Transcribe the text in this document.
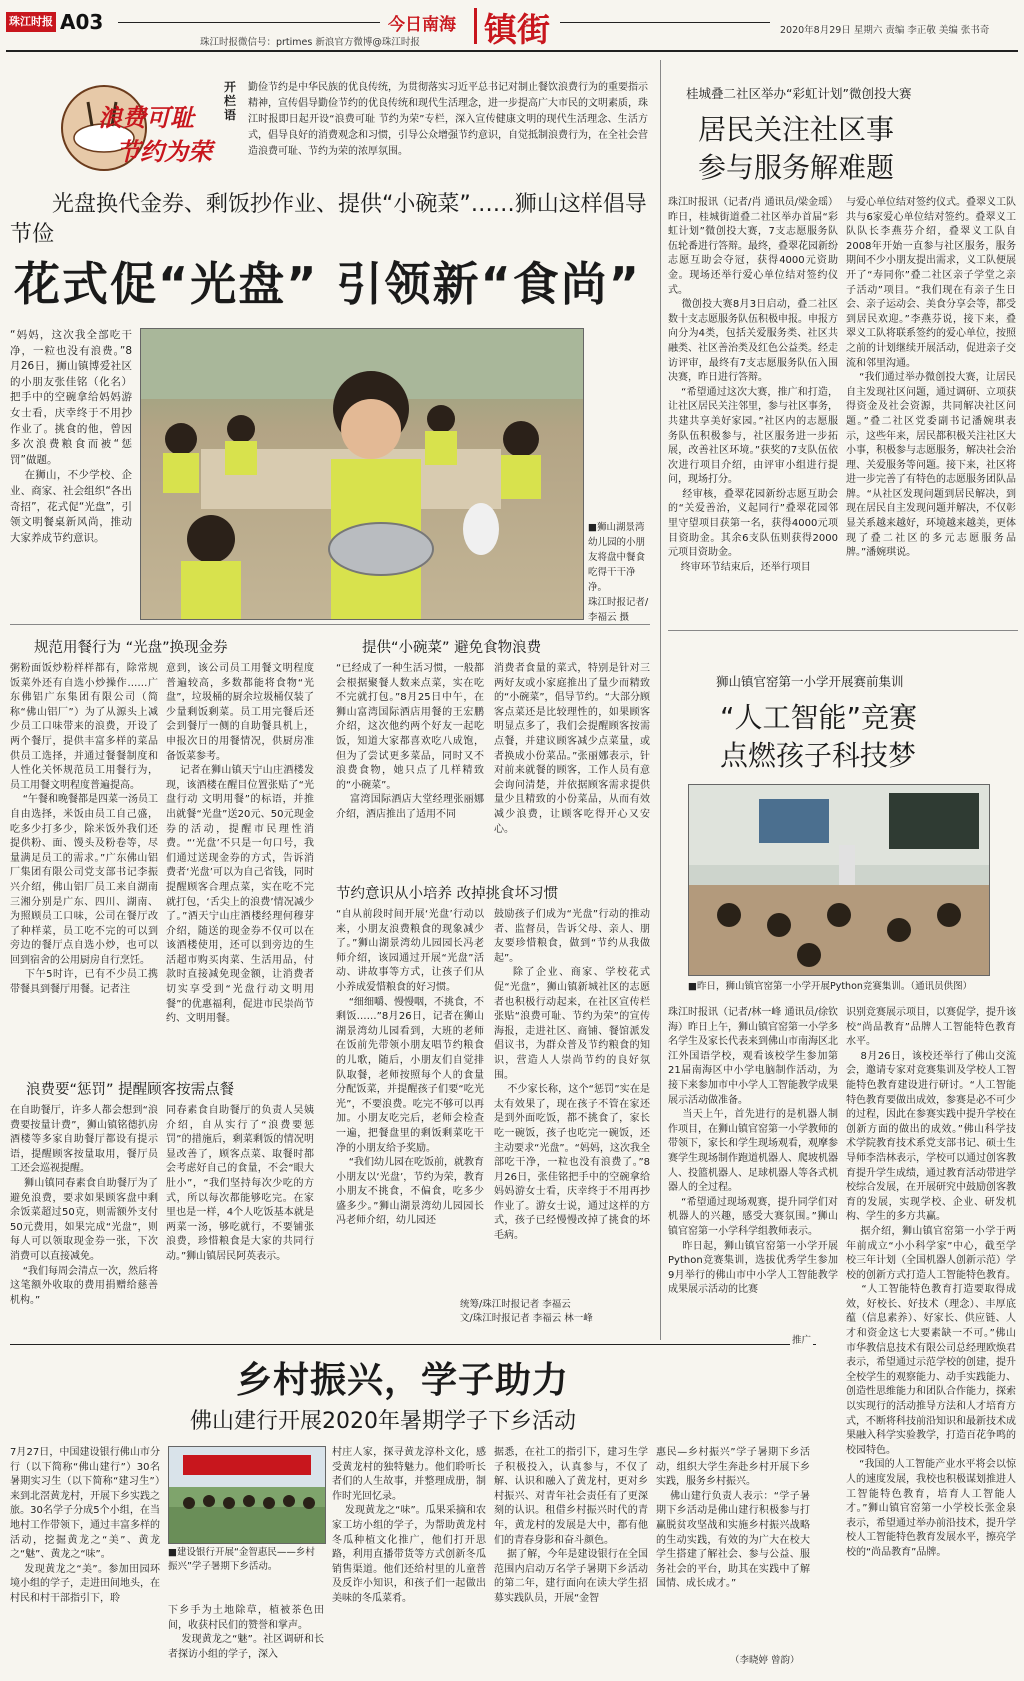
珠江时报 A03	今日南海 镇街
珠江时报微信号：prtimes 新浪官方微博@珠江时报
2020年8月29日 星期六 责编 李正敬 美编 张书奇
浪费可耻
节约为荣
开栏语
勤俭节约是中华民族的优良传统，为贯彻落实习近平总书记对制止餐饮浪费行为的重要指示精神，宣传倡导勤俭节约的优良传统和现代生活理念，进一步提高广大市民的文明素质，珠江时报即日起开设“浪费可耻 节约为荣”专栏，深入宣传健康文明的现代生活理念、生活方式，倡导良好的消费观念和习惯，引导公众增强节约意识，自觉抵制浪费行为，在全社会营造浪费可耻、节约为荣的浓厚氛围。
光盘换代金券、剩饭抄作业、提供“小碗菜”……狮山这样倡导节俭
花式促“光盘” 引领新“食尚”
“妈妈，这次我全部吃干净，一粒也没有浪费。”8月26日，狮山镇博爱社区的小朋友张佳铭（化名）把手中的空碗拿给妈妈游女士看，庆幸终于不用抄作业了。挑食的他，曾因多次浪费粮食而被“惩罚”做题。
在狮山，不少学校、企业、商家、社会组织“各出奇招”，花式促“光盘”，引领文明餐桌新风尚，推动大家养成节约意识。
■狮山湖景湾幼儿园的小朋友将盘中餐食吃得干干净净。
珠江时报记者/李福云 摄
规范用餐行为 “光盘”换现金券
粥粉面饭炒粉样样都有，除常规饭菜外还有自选小炒操作……广东佛铝广东集团有限公司（简称“佛山铝厂”）为了从源头上减少员工口味带来的浪费，开设了两个餐厅，提供丰富多样的菜品供员工选择，并通过餐餐制度和人性化关怀规范员工用餐行为，员工用餐文明程度普遍提高。
“午餐和晚餐都是四菜一汤员工自由选择，米饭由员工自己盛，吃多少打多少，除米饭外我们还提供粉、面、馒头及粉卷等，尽量满足员工的需求。”广东佛山铝厂集团有限公司党支部书记李振兴介绍，佛山铝厂员工来自湖南三湘分别是广东、四川、湖南、为照顾员工口味，公司在餐厅改了种样菜，员工吃不完的可以到旁边的餐厅点自选小炒，也可以回到宿舍的公用厨房自行烹饪。
下午5时许，已有不少员工携带餐具到餐厅用餐。记者注
意到，该公司员工用餐文明程度普遍较高，多数都能将食物“光盘”，垃圾桶的厨余垃圾桶仅装了少量剩饭剩菜。员工用完餐后还会到餐厅一侧的自助餐具机上，申报次日的用餐情况，供厨房准备饭菜参考。
记者在狮山镇天宁山庄酒楼发现，该酒楼在醒目位置张贴了“光盘行动 文明用餐”的标语，并推出就餐“光盘”送20元、50元现金券的活动，提醒市民理性消费。“‘光盘’不只是一句口号，我们通过送现金券的方式，告诉消费者‘光盘’可以为自己省钱，同时提醒顾客合理点菜，实在吃不完就打包，‘舌尖上的浪费’情况减少了。”酒天宁山庄酒楼经理何穆芽介绍，随送的现金券不仅可以在该酒楼使用，还可以到旁边的生活超市购买肉菜、生活用品，付款时直接减免现金额，让消费者切实享受到“光盘行动文明用餐”的优惠福利，促进市民崇尚节约、文明用餐。
提供“小碗菜” 避免食物浪费
“已经成了一种生活习惯，一般都会根据聚餐人数来点菜，实在吃不完就打包。”8月25日中午，在狮山富湾国际酒店用餐的王宏鹏介绍，这次他约两个好友一起吃饭，知道大家都喜欢吃八成饱，但为了尝试更多菜品，同时又不浪费食物，她只点了几样精致的“小碗菜”。
富湾国际酒店大堂经理张丽娜介绍，酒店推出了适用不同
消费者食量的菜式，特别是针对三两好友或小家庭推出了量少而精致的“小碗菜”，倡导节约。“大部分顾客点菜还是比较理性的，如果顾客明显点多了，我们会提醒顾客按需点餐，并建议顾客减少点菜量，或者换成小份菜品。”张丽娜表示，针对前来就餐的顾客，工作人员有意会询问清楚，并依据顾客需求提供量少且精致的小份菜品，从而有效减少浪费，让顾客吃得开心又安心。
节约意识从小培养 改掉挑食坏习惯
“自从前段时间开展‘光盘’行动以来，小朋友浪费粮食的现象减少了。”狮山湖景湾幼儿园园长冯老师介绍，该园通过开展“光盘”活动、讲故事等方式，让孩子们从小养成爱惜粮食的好习惯。
“细细嚼、慢慢咽，不挑食，不剩饭……”8月26日，记者在狮山湖景湾幼儿园看到，大班的老师在饭前先带领小朋友唱节约粮食的儿歌，随后，小朋友们自觉排队取餐，老师按照每个人的食量分配饭菜，并提醒孩子们要“吃光光”，不要浪费。吃完不够可以再加。小朋友吃完后，老师会检查一遍，把餐盘里的剩饭剩菜吃干净的小朋友给予奖励。
“我们幼儿园在吃饭前，就教育小朋友以‘光盘’，节约为荣，教育小朋友不挑食，不偏食，吃多少盛多少。”狮山湖景湾幼儿园园长冯老师介绍，幼儿园还
鼓励孩子们成为“光盘”行动的推动者、监督员，告诉父母、亲人、朋友要珍惜粮食，做到“节约从我做起”。
除了企业、商家、学校花式促“光盘”，狮山镇新城社区的志愿者也积极行动起来，在社区宣传栏张贴“浪费可耻、节约为荣”的宣传海报，走进社区、商铺、餐馆派发倡议书，为群众普及节约粮食的知识，营造人人崇尚节约的良好氛围。
不少家长称，这个“惩罚”实在是太有效果了，现在孩子不管在家还是到外面吃饭，都不挑食了，家长吃一碗饭，孩子也吃完一碗饭，还主动要求“光盘”。“妈妈，这次我全部吃干净，一粒也没有浪费了。”8月26日，张佳铭把手中的空碗拿给妈妈游女士看，庆幸终于不用再抄作业了。游女士说，通过这样的方式，孩子已经慢慢改掉了挑食的坏毛病。
统筹/珠江时报记者 李福云
文/珠江时报记者 李福云 林一峰
浪费要“惩罚” 提醒顾客按需点餐
在自助餐厅，许多人都会想到“浪费要按量计费”，狮山镇铭德扒房酒楼等多家自助餐厅都设有提示语，提醒顾客按量取用，餐厅员工还会巡视提醒。
狮山镇同春素食自助餐厅为了避免浪费，要求如果顾客盘中剩余饭菜超过50克，则需额外支付50元费用，如果完成“光盘”，则每人可以领取现金券一张，下次消费可以直接减免。
“我们每周会清点一次，然后将这笔额外收取的费用捐赠给慈善机构。”
同春素食自助餐厅的负责人吴姨介绍，自从实行了“浪费要惩罚”的措施后，剩菜剩饭的情况明显改善了，顾客点菜、取餐时都会考虑好自己的食量，不会“眼大肚小”，“我们坚持每次少吃的方式，所以每次都能够吃完。在家里也是一样，4个人吃饭基本就是两菜一汤，够吃就行，不要铺张浪费，珍惜粮食是大家的共同行动。”狮山镇居民阿英表示。
桂城叠二社区举办“彩虹计划”微创投大赛
居民关注社区事
参与服务解难题
珠江时报讯（记者/肖 通讯员/梁金瑶）昨日，桂城街道叠二社区举办首届“彩虹计划”微创投大赛，7支志愿服务队伍轮番进行答辩。最终，叠翠花园新纷志愿互助会夺冠，获得4000元资助金。现场还举行爱心单位结对签约仪式。
微创投大赛8月3日启动，叠二社区数十支志愿服务队伍积极申报。申报方向分为4类，包括关爱服务类、社区共融类、社区善治类及红色公益类。经走访评审，最终有7支志愿服务队伍入围决赛，昨日进行答辩。
“希望通过这次大赛，推广和打造，让社区居民关注邻里，参与社区事务，共建共享美好家园。”社区内的志愿服务队伍积极参与，社区服务进一步拓展，改善社区环境。”获奖的7支队伍依次进行项目介绍，由评审小组进行提问，现场打分。
经审核，叠翠花园新纷志愿互助会的“关爱善治，义起同行”叠翠花园邻里守望项目获第一名，获得4000元项目资助金。其余6支队伍则获得2000元项目资助金。
终审环节结束后，还举行项目
与爱心单位结对签约仪式。叠翠义工队共与6家爱心单位结对签约。叠翠义工队队长李燕芬介绍，叠翠义工队自2008年开始一直参与社区服务，服务期间不少小朋友提出需求，义工队便展开了“寿同你”叠二社区亲子学堂之亲子活动”项目。“我们现在有亲子生日会、亲子运动会、美食分享会等，都受到居民欢迎。”李燕芬说，接下来，叠翠义工队将联系签约的爱心单位，按照之前的计划继续开展活动，促进亲子交流和邻里沟通。
“我们通过举办微创投大赛，让居民自主发现社区问题，通过调研、立项获得资金及社会资源，共同解决社区问题。”叠二社区党委副书记潘婉琪表示，这些年来，居民都积极关注社区大小事，积极参与志愿服务，解决社会治理、关爱服务等问题。接下来，社区将进一步完善了有特色的志愿服务团队品牌。“从社区发现问题到居民解决，到现在居民自主发现问题并解决，不仅彰显关系越来越好，环境越来越美，更体现了叠二社区的多元志愿服务品牌。”潘婉琪说。
狮山镇官窑第一小学开展赛前集训
“人工智能”竞赛
点燃孩子科技梦
■昨日，狮山镇官窑第一小学开展Python竞赛集训。（通讯员供图）
珠江时报讯（记者/林一峰 通讯员/徐钦海）昨日上午，狮山镇官窑第一小学多名学生及家长代表来到佛山市南海区北江外国语学校，观看该校学生参加第21届南海区中小学电脑制作活动，为接下来参加市中小学人工智能教学成果展示活动做准备。
当天上午，首先进行的是机器人制作项目，在狮山镇官窑第一小学教师的带领下，家长和学生现场观看，观摩参赛学生现场制作跑道机器人、爬坡机器人、投篮机器人、足球机器人等各式机器人的全过程。
“希望通过现场观赛，提升同学们对机器人的兴趣，感受大赛氛围。”狮山镇官窑第一小学科学组教师表示。
昨日起，狮山镇官窑第一小学开展Python竞赛集训，选拔优秀学生参加9月举行的佛山市中小学人工智能教学成果展示活动的比赛
识别竞赛展示项目，以赛促学，提升该校“尚品教育”品牌人工智能特色教育水平。
8月26日，该校还举行了佛山交流会，邀请专家对竞赛集训及学校人工智能特色教育建设进行研讨。“人工智能特色教育要做出成效，参赛是必不可少的过程，因此在参赛实践中提升学校在创新方面的做出的成效。”佛山科学技术学院教育技术系党支部书记、硕士生导师李浩林表示，学校可以通过创客教育提升学生成绩，通过教育活动带进学校综合发展，在开展研究中鼓励创客教育的发展，实现学校、企业、研发机构、学生的多方共赢。
据介绍，狮山镇官窑第一小学于两年前成立“小小科学家”中心，截至学校三年计划（全国机器人创新示范）学校的创新方式打造人工智能特色教育。
“人工智能特色教育打造要取得成效，好校长、好技术（理念）、丰厚底蕴（信息素养）、好家长、供应链、人才和资金这七大要素缺一不可。”佛山市华教信息技术有限公司总经理欧焕君表示，希望通过示范学校的创建，提升全校学生的观察能力、动手实践能力、创造性思维能力和团队合作能力，探索以实现行的活动推导方法和人才培育方式，不断将科技前沿知识和最新技术成果融入科学实验教学，打造百花争鸣的校园特色。
“我国的人工智能产业水平将会以惊人的速度发展，我校也积极谋划推进人工智能特色教育，培育人工智能人才。”狮山镇官窑第一小学校长张金泉表示，希望通过举办前沿技术，提升学校人工智能特色教育发展水平，擦亮学校的“尚品教育”品牌。
推广
乡村振兴，学子助力
佛山建行开展2020年暑期学子下乡活动
7月27日，中国建设银行佛山市分行（以下简称“佛山建行”）30名暑期实习生（以下简称“建习生”）来到北滘黄龙村，开展下乡实践之旅。30名学子分成5个小组，在当地村工作带领下，通过丰富多样的活动，挖掘黄龙之“美”、黄龙之“魅”、黄龙之“味”。
发现黄龙之“美”。参加田园环境小组的学子，走进田间地头，在村民和村干部指引下，聆
■建设银行开展“金智惠民——乡村振兴”学子暑期下乡活动。
下乡手为土地除草，植被茶色田间，收获村民们的赞誉和掌声。
发现黄龙之“魅”。社区调研和长者探访小组的学子，深入
村庄人家，探寻黄龙淳朴文化，感受黄龙村的独特魅力。他们聆听长者们的人生故事，并整理成册，制作时光回忆录。
发现黄龙之“味”。瓜果采摘和农家工坊小组的学子，为帮助黄龙村冬瓜种植文化推广，他们打开思路，利用直播带货等方式创新冬瓜销售渠道。他们还给村里的儿童普及反诈小知识，和孩子们一起做出美味的冬瓜菜肴。
据悉，在社工的指引下，建习生学子积极投入，认真参与，不仅了解、认识和融入了黄龙村，更对乡村振兴、对青年社会责任有了更深刻的认识。租借乡村振兴时代的青年，黄龙村的发展是大中，都有他们的青春身影和奋斗颜色。
据了解，今年是建设银行在全国范围内启动万名学子暑期下乡活动的第二年，建行面向在读大学生招募实践队员，开展“金智
惠民—乡村振兴”学子暑期下乡活动，组织大学生奔赴乡村开展下乡实践，服务乡村振兴。
佛山建行负责人表示：“学子暑期下乡活动是佛山建行积极参与打赢脱贫攻坚战和实施乡村振兴战略的生动实践，有效的为广大在校大学生搭建了解社会、参与公益、服务社会的平台，助其在实践中了解国情、成长成才。”
（李晓婷 曾韵）
